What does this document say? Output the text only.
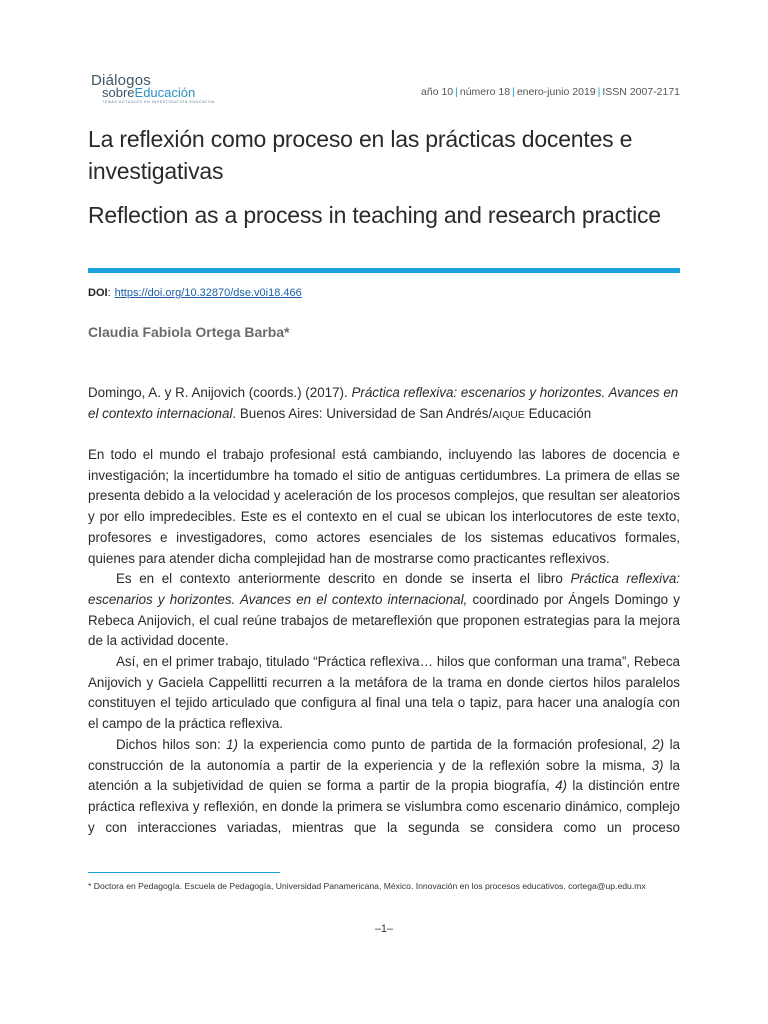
Diálogos
sobreEducación
TEMAS ACTUALES EN INVESTIGACIÓN EDUCATIVA
año 10 | número 18 | enero-junio 2019 | ISSN 2007-2171
La reflexión como proceso en las prácticas docentes e investigativas
Reflection as a process in teaching and research practice
DOI: https://doi.org/10.32870/dse.v0i18.466
Claudia Fabiola Ortega Barba*
Domingo, A. y R. Anijovich (coords.) (2017). Práctica reflexiva: escenarios y horizontes. Avances en el contexto internacional. Buenos Aires: Universidad de San Andrés/AIQUE Educación

En todo el mundo el trabajo profesional está cambiando, incluyendo las labores de docencia e investigación; la incertidumbre ha tomado el sitio de antiguas certidumbres. La primera de ellas se presenta debido a la velocidad y aceleración de los procesos complejos, que resultan ser aleatorios y por ello impredecibles. Este es el contexto en el cual se ubican los interlocutores de este texto, profesores e investigadores, como actores esenciales de los sistemas educativos formales, quienes para atender dicha complejidad han de mostrarse como practicantes reflexivos.

Es en el contexto anteriormente descrito en donde se inserta el libro Práctica reflexiva: escenarios y horizontes. Avances en el contexto internacional, coordinado por Ángels Domingo y Rebeca Anijovich, el cual reúne trabajos de metareflexión que proponen estrategias para la mejora de la actividad docente.

Así, en el primer trabajo, titulado “Práctica reflexiva… hilos que conforman una trama”, Rebeca Anijovich y Gaciela Cappellitti recurren a la metáfora de la trama en donde ciertos hilos paralelos constituyen el tejido articulado que configura al final una tela o tapiz, para hacer una analogía con el campo de la práctica reflexiva.

Dichos hilos son: 1) la experiencia como punto de partida de la formación profesional, 2) la construcción de la autonomía a partir de la experiencia y de la reflexión sobre la misma, 3) la atención a la subjetividad de quien se forma a partir de la propia biografía, 4) la distinción entre práctica reflexiva y reflexión, en donde la primera se vislumbra como escenario dinámico, complejo y con interacciones variadas, mientras que la segunda se considera como un proceso

* Doctora en Pedagogía. Escuela de Pedagogía, Universidad Panamericana, México. Innovación en los procesos educativos. cortega@up.edu.mx
–1–
